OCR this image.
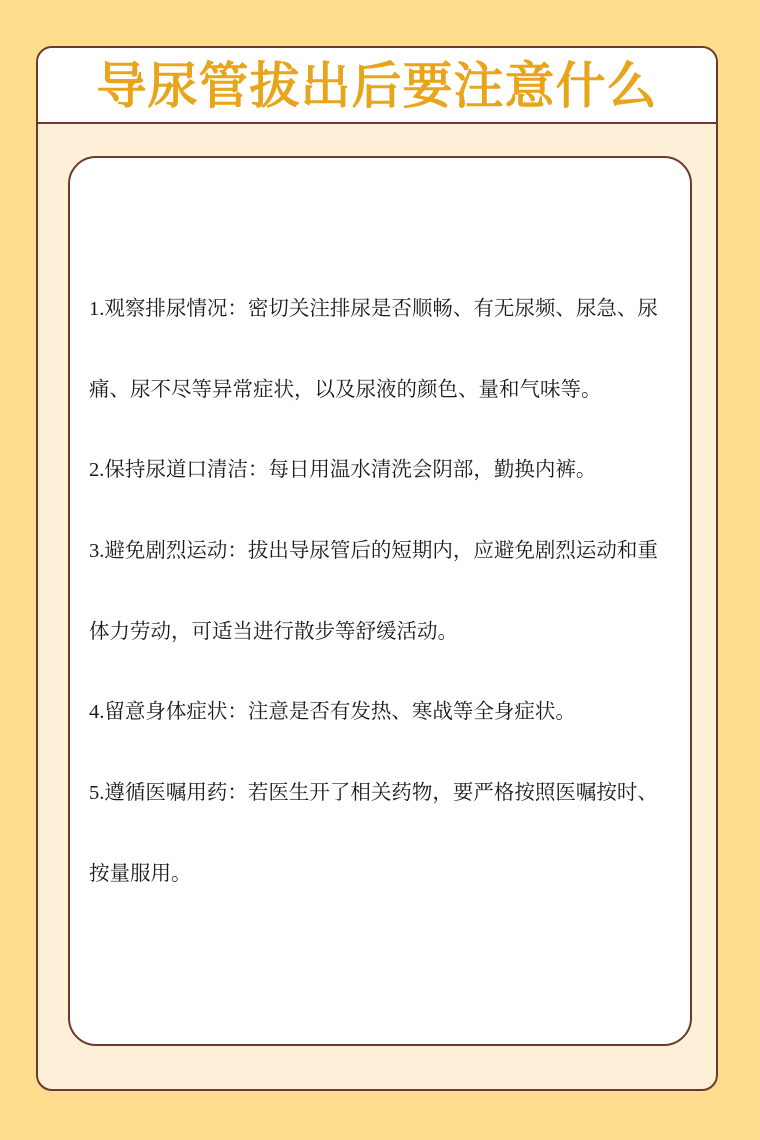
导尿管拔出后要注意什么

1.观察排尿情况：密切关注排尿是否顺畅、有无尿频、尿急、尿痛、尿不尽等异常症状，以及尿液的颜色、量和气味等。

2.保持尿道口清洁：每日用温水清洗会阴部，勤换内裤。

3.避免剧烈运动：拔出导尿管后的短期内，应避免剧烈运动和重体力劳动，可适当进行散步等舒缓活动。

4.留意身体症状：注意是否有发热、寒战等全身症状。

5.遵循医嘱用药：若医生开了相关药物，要严格按照医嘱按时、按量服用。
